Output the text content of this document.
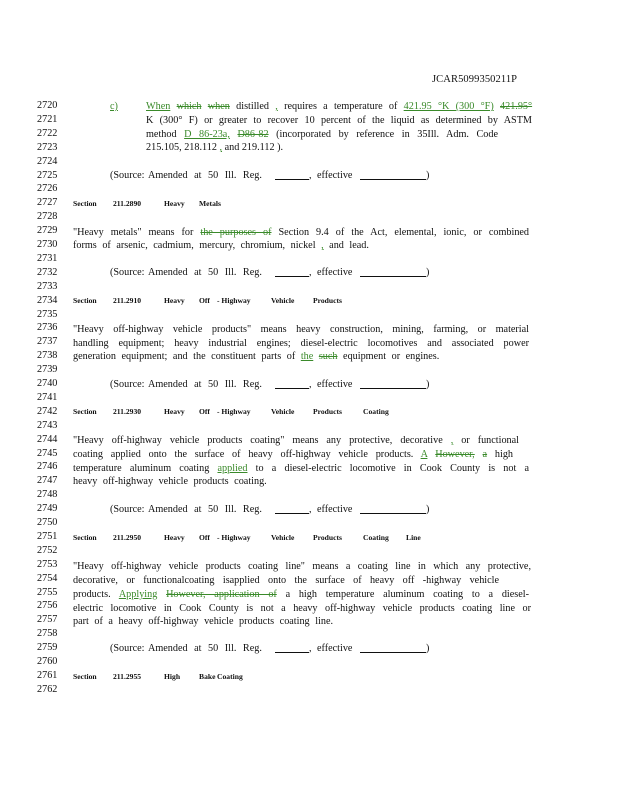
JCAR5099350211P
2720
2721
2722
2723
2724
2725
2726
2727
2728
2729
2730
2731
2732
2733
2734
2735
2736
2737
2738
2739
2740
2741
2742
2743
2744
2745
2746
2747
2748
2749
2750
2751
2752
2753
2754
2755
2756
2757
2758
2759
2760
2761
2762
c)	When which when distilled , requires a temperature of 421.95 °K (300 °F) 421.95°
K (300° F) or greater to recover 10 percent of the liquid as determined by ASTM
method D 86-23a, D86-82 (incorporated by reference in 35Ill. Adm. Code
215.105, 218.112 , and 219.112 ).
(Source: Amended at 50 Ill. Reg.	, effective	)
(Source: Amended at 50 Ill. Reg.	, effective	)
(Source: Amended at 50 Ill. Reg.	, effective	)
(Source: Amended at 50 Ill. Reg.	, effective	)
(Source: Amended at 50 Ill. Reg.	, effective	)
Section 211.2890	Heavy Metals
Section 211.2910	Heavy Off - Highway	Vehicle Products
Section 211.2930	Heavy Off - Highway	Vehicle Products	Coating
Section 211.2950	Heavy Off - Highway	Vehicle Products	Coating Line
Section 211.2955	High Bake Coating
"Heavy metals" means for the purposes of Section 9.4 of the Act, elemental, ionic, or combined
forms of arsenic, cadmium, mercury, chromium, nickel , and lead.
"Heavy off-highway vehicle products" means heavy construction, mining, farming, or material
handling equipment; heavy industrial engines; diesel-electric locomotives and associated power
generation equipment; and the constituent parts of the such equipment or engines.
"Heavy off-highway vehicle products coating" means any protective, decorative , or functional
coating applied onto the surface of heavy off-highway vehicle products. A However, a high
temperature aluminum coating applied to a diesel-electric locomotive in Cook County is not a
heavy off-highway vehicle products coating.
"Heavy off-highway vehicle products coating line" means a coating line in which any protective,
decorative, or functionalcoating isapplied onto the surface of heavy off -highway vehicle
products. Applying However, application of a high temperature aluminum coating to a diesel-
electric locomotive in Cook County is not a heavy off-highway vehicle products coating line or
part of a heavy off-highway vehicle products coating line.
